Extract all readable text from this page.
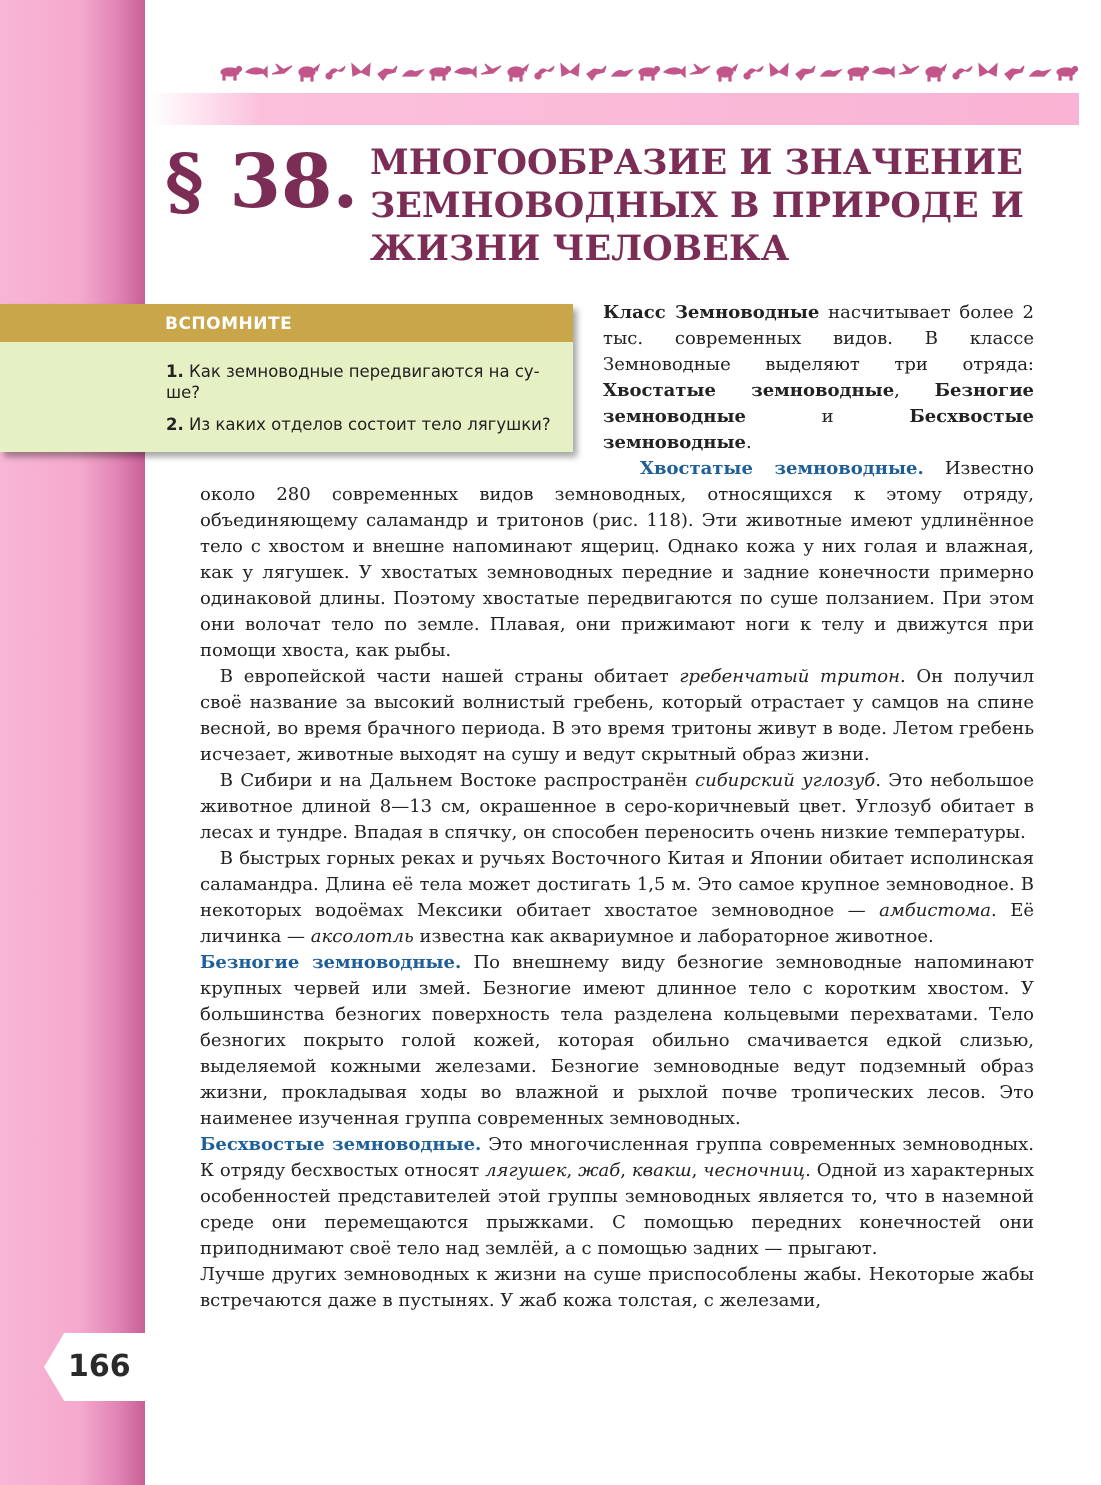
166
§ 38. МНОГООБРАЗИЕ И ЗНАЧЕНИЕ ЗЕМНОВОДНЫХ В ПРИРОДЕ И ЖИЗНИ ЧЕЛОВЕКА
ВСПОМНИТЕ
1. Как земноводные передвигаются на су-ше?
2. Из каких отделов состоит тело лягушки?

Класс Земноводные насчитывает более 2 тыс. современных видов. В классе Земноводные выделяют три отряда: Хвостатые земноводные, Безногие земноводные и Бесхвостые земноводные.

Хвостатые земноводные. Известно около 280 современных видов земноводных, относящихся к этому отряду, объединяющему саламандр и тритонов (рис. 118). Эти животные имеют удлинённое тело с хвостом и внешне напоминают ящериц. Однако кожа у них голая и влажная, как у лягушек. У хвостатых земноводных передние и задние конечности примерно одинаковой длины. Поэтому хвостатые передвигаются по суше ползанием. При этом они волочат тело по земле. Плавая, они прижимают ноги к телу и движутся при помощи хвоста, как рыбы.

В европейской части нашей страны обитает гребенчатый тритон. Он получил своё название за высокий волнистый гребень, который отрастает у самцов на спине весной, во время брачного периода. В это время тритоны живут в воде. Летом гребень исчезает, животные выходят на сушу и ведут скрытный образ жизни.

В Сибири и на Дальнем Востоке распространён сибирский углозуб. Это небольшое животное длиной 8—13 см, окрашенное в серо-коричневый цвет. Углозуб обитает в лесах и тундре. Впадая в спячку, он способен переносить очень низкие температуры.

В быстрых горных реках и ручьях Восточного Китая и Японии обитает исполинская саламандра. Длина её тела может достигать 1,5 м. Это самое крупное земноводное. В некоторых водоёмах Мексики обитает хвостатое земноводное — амбистома. Её личинка — аксолотль известна как аквариумное и лабораторное животное.

Безногие земноводные. По внешнему виду безногие земноводные напоминают крупных червей или змей. Безногие имеют длинное тело с коротким хвостом. У большинства безногих поверхность тела разделена кольцевыми перехватами. Тело безногих покрыто голой кожей, которая обильно смачивается едкой слизью, выделяемой кожными железами. Безногие земноводные ведут подземный образ жизни, прокладывая ходы во влажной и рыхлой почве тропических лесов. Это наименее изученная группа современных земноводных.

Бесхвостые земноводные. Это многочисленная группа современных земноводных. К отряду бесхвостых относят лягушек, жаб, квакш, чесночниц. Одной из характерных особенностей представителей этой группы земноводных является то, что в наземной среде они перемещаются прыжками. С помощью передних конечностей они приподнимают своё тело над землёй, а с помощью задних — прыгают.

Лучше других земноводных к жизни на суше приспособлены жабы. Некоторые жабы встречаются даже в пустынях. У жаб кожа толстая, с железами,
